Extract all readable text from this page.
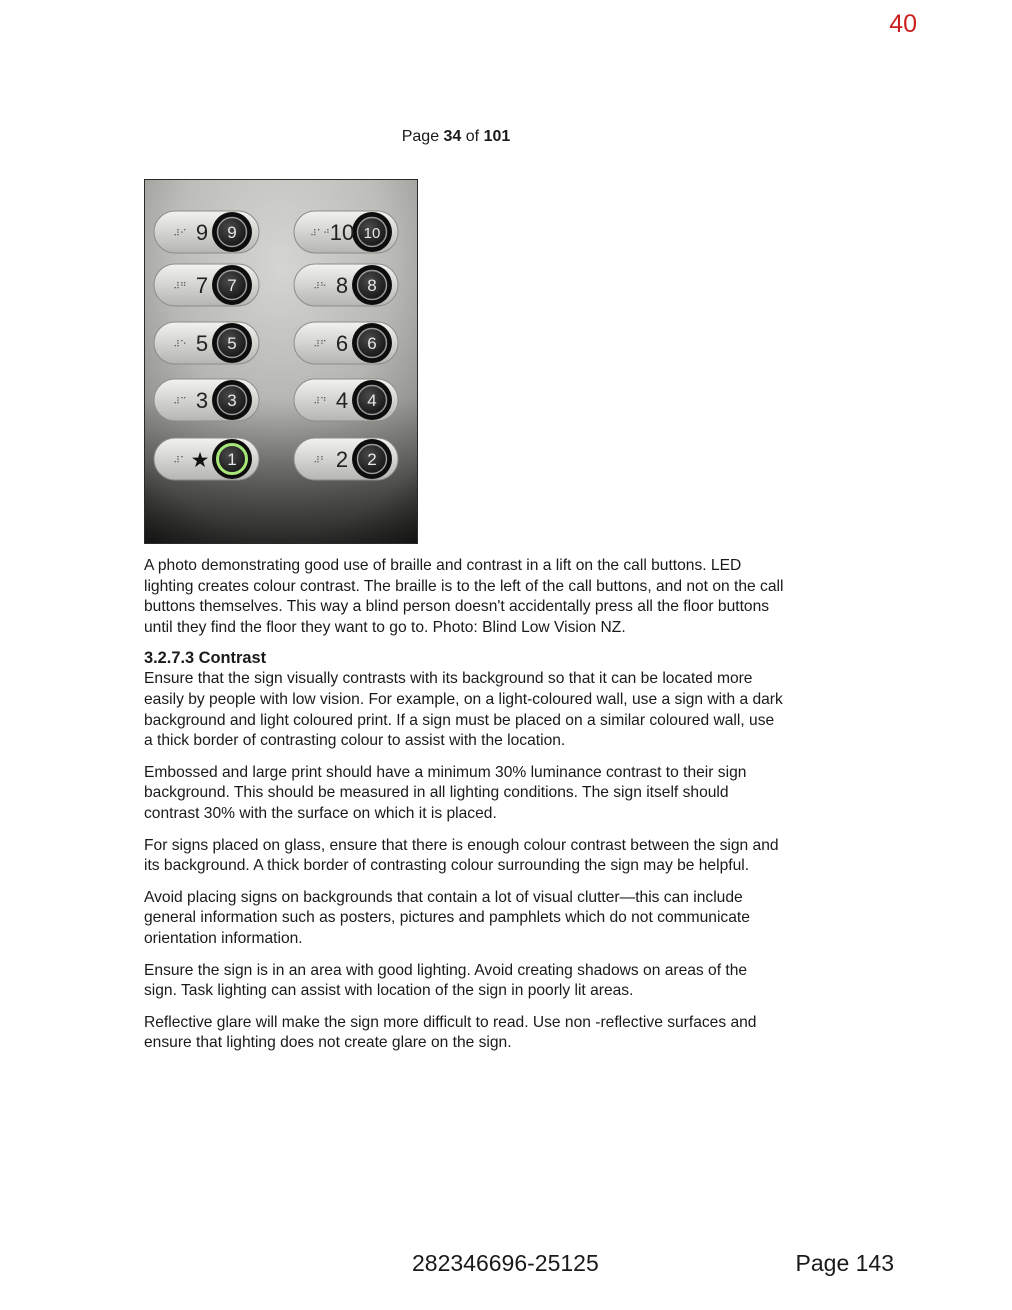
40
Page 34 of 101
9
9
⠼⠊
7
7
⠼⠛
5
5
⠼⠑
3
3
⠼⠉
1
★
⠼⠁
10
10
⠼⠁⠚
8
8
⠼⠓
6
6
⠼⠋
4
4
⠼⠙
2
2
⠼⠃

A photo demonstrating good use of braille and contrast in a lift on the call buttons. LED lighting creates colour contrast. The braille is to the left of the call buttons, and not on the call buttons themselves. This way a blind person doesn't accidentally press all the floor buttons until they find the floor they want to go to. Photo: Blind Low Vision NZ.

3.2.7.3 Contrast

Ensure that the sign visually contrasts with its background so that it can be located more easily by people with low vision. For example, on a light-coloured wall, use a sign with a dark background and light coloured print. If a sign must be placed on a similar coloured wall, use a thick border of contrasting colour to assist with the location.

Embossed and large print should have a minimum 30% luminance contrast to their sign background. This should be measured in all lighting conditions. The sign itself should contrast 30% with the surface on which it is placed.

For signs placed on glass, ensure that there is enough colour contrast between the sign and its background. A thick border of contrasting colour surrounding the sign may be helpful.

Avoid placing signs on backgrounds that contain a lot of visual clutter—this can include general information such as posters, pictures and pamphlets which do not communicate orientation information.

Ensure the sign is in an area with good lighting. Avoid creating shadows on areas of the sign. Task lighting can assist with location of the sign in poorly lit areas.

Reflective glare will make the sign more difficult to read. Use non -reflective surfaces and ensure that lighting does not create glare on the sign.

282346696-25125	Page 143
